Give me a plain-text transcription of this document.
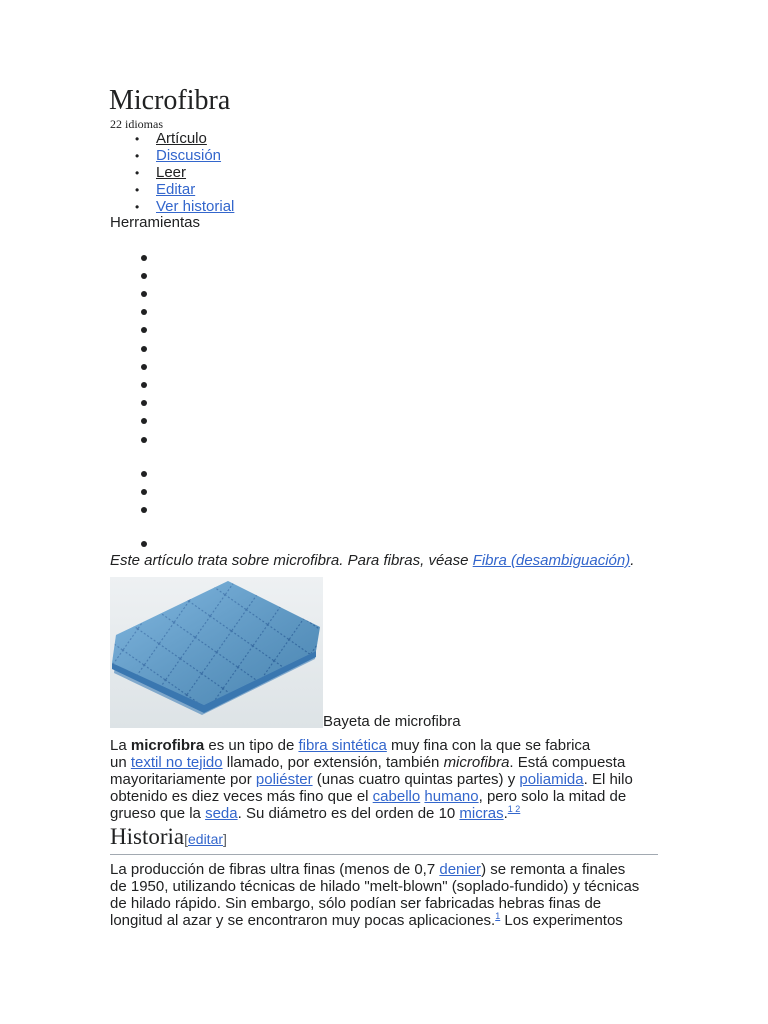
Microfibra
22 idiomas
• Artículo
• Discusión
• Leer
• Editar
• Ver historial
Herramientas
Este artículo trata sobre microfibra. Para fibras, véase Fibra (desambiguación).
Bayeta de microfibra
La microfibra es un tipo de fibra sintética muy fina con la que se fabrica
un textil no tejido llamado, por extensión, también microfibra. Está compuesta
mayoritariamente por poliéster (unas cuatro quintas partes) y poliamida. El hilo
obtenido es diez veces más fino que el cabello humano, pero solo la mitad de
grueso que la seda. Su diámetro es del orden de 10 micras.$^{1 2}$
Historia[editar]
La producción de fibras ultra finas (menos de 0,7 denier) se remonta a finales
de 1950, utilizando técnicas de hilado "melt-blown" (soplado-fundido) y técnicas
de hilado rápido. Sin embargo, sólo podían ser fabricadas hebras finas de
longitud al azar y se encontraron muy pocas aplicaciones.$^1$ Los experimentos
